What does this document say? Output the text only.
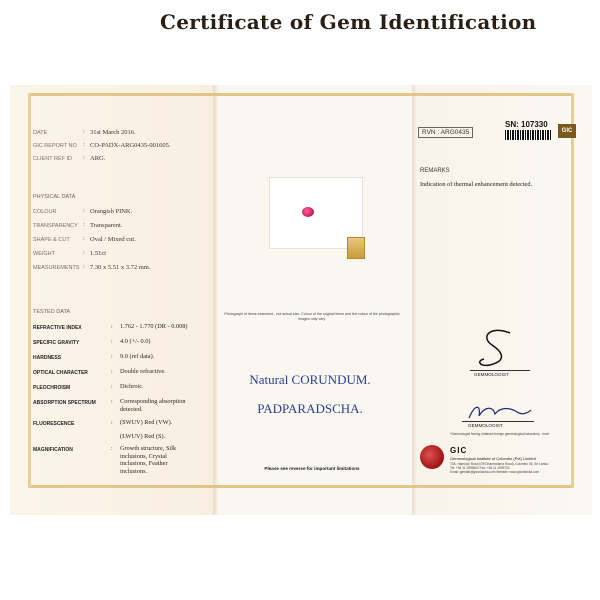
Certificate of Gem Identification
DATE	: 31st March 2016.
GIC REPORT NO : CO-PADX-ARG0435-001605.
CLIENT REF ID : ARG.
PHYSICAL DATA
COLOUR	: Orangish PINK.
TRANSPARENCY : Transparent.
SHAPE & CUT : Oval / Mixed cut.
WEIGHT	: 1.51ct
MEASUREMENTS : 7.30 x 5.51 x 3.72 mm.
TESTED DATA
REFRACTIVE INDEX	: 1.762 - 1.770 (DR - 0.008)
SPECIFIC GRAVITY	: 4.0 (+/- 0.0)
HARDNESS	: 9.0 (ref data).
OPTICAL CHARACTER	: Double refractive.
PLEOCHROISM	: Dichroic.
ABSORPTION SPECTRUM	: Corresponding absorption detected.
FLUORESCENCE	: (SWUV) Red (VW).
(LWUV) Red (S).
MAGNIFICATION	: Growth structure, Silk inclusions, Crystal inclusions, Feather inclusions.
Photograph of items examined - not actual size. Colour of the original items and the colour of the photographic images may vary.
Natural CORUNDUM.
PADPARADSCHA.
Please see reverse for important limitations
RVN : ARG0435
SN: 107330
GIC
REMARKS
Indication of thermal enhancement detected.
GEMMOLOGIST
GEMMOLOGIST
*Gemmologist having obtained foreign gemmological laboratory - level
GIC
Gemmological Institute of Colombo (Pvt) Limited
70A, Hamlock Road (Off Dharmarama Road), Colombo 06, Sri Lanka
Tel: +94 11 2599662 Fax: +94 11 2599732
Email: gemlab@gicsrilanka.com Website: www.gicsrilanka.com
